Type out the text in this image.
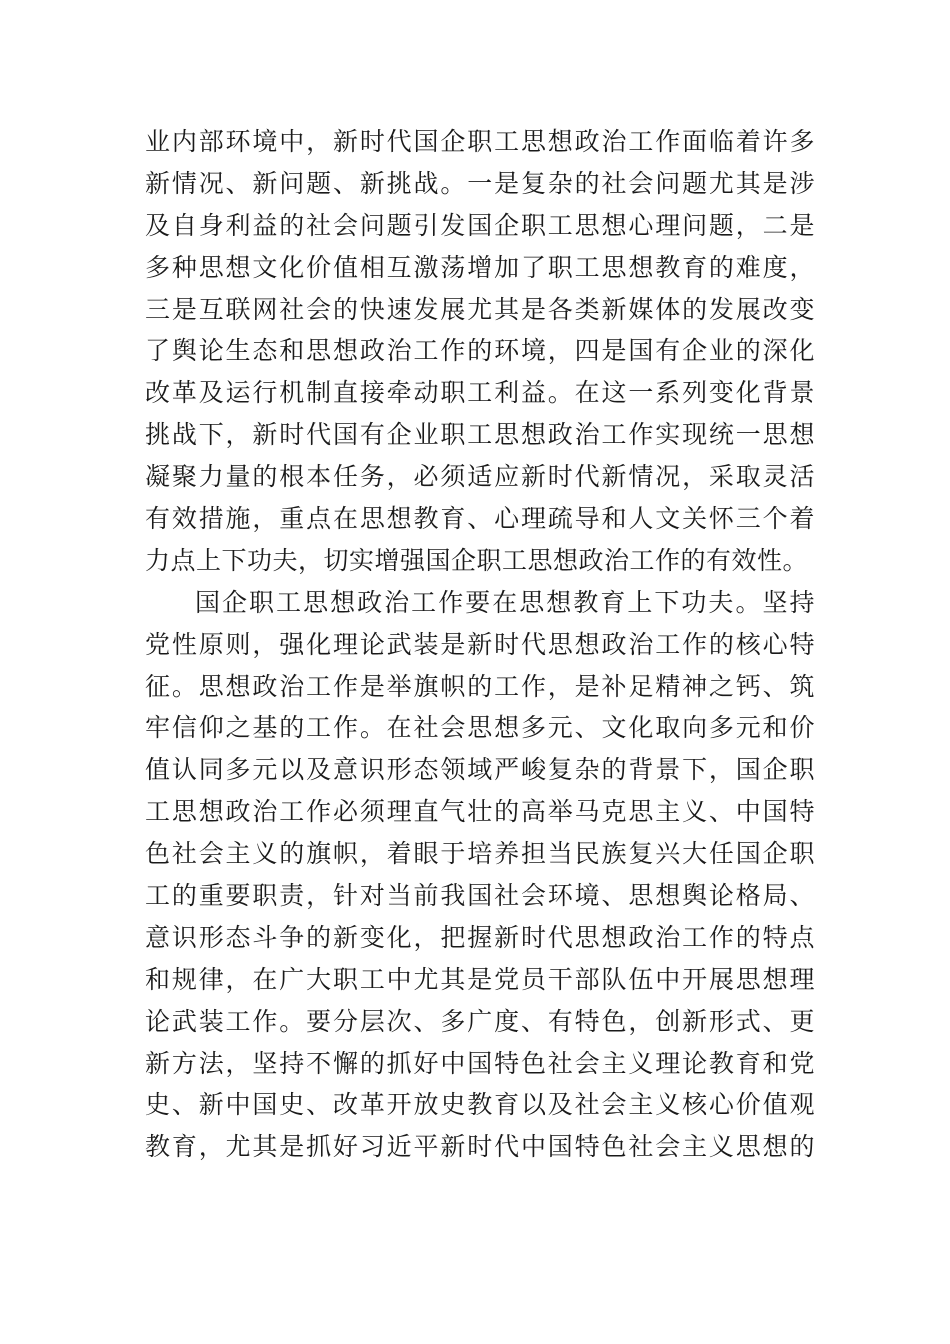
业内部环境中，新时代国企职工思想政治工作面临着许多
新情况、新问题、新挑战。一是复杂的社会问题尤其是涉
及自身利益的社会问题引发国企职工思想心理问题，二是
多种思想文化价值相互激荡增加了职工思想教育的难度，
三是互联网社会的快速发展尤其是各类新媒体的发展改变
了舆论生态和思想政治工作的环境，四是国有企业的深化
改革及运行机制直接牵动职工利益。在这一系列变化背景
挑战下，新时代国有企业职工思想政治工作实现统一思想
凝聚力量的根本任务，必须适应新时代新情况，采取灵活
有效措施，重点在思想教育、心理疏导和人文关怀三个着
力点上下功夫，切实增强国企职工思想政治工作的有效性。
国企职工思想政治工作要在思想教育上下功夫。坚持
党性原则，强化理论武装是新时代思想政治工作的核心特
征。思想政治工作是举旗帜的工作，是补足精神之钙、筑
牢信仰之基的工作。在社会思想多元、文化取向多元和价
值认同多元以及意识形态领域严峻复杂的背景下，国企职
工思想政治工作必须理直气壮的高举马克思主义、中国特
色社会主义的旗帜，着眼于培养担当民族复兴大任国企职
工的重要职责，针对当前我国社会环境、思想舆论格局、
意识形态斗争的新变化，把握新时代思想政治工作的特点
和规律，在广大职工中尤其是党员干部队伍中开展思想理
论武装工作。要分层次、多广度、有特色，创新形式、更
新方法，坚持不懈的抓好中国特色社会主义理论教育和党
史、新中国史、改革开放史教育以及社会主义核心价值观
教育，尤其是抓好习近平新时代中国特色社会主义思想的
